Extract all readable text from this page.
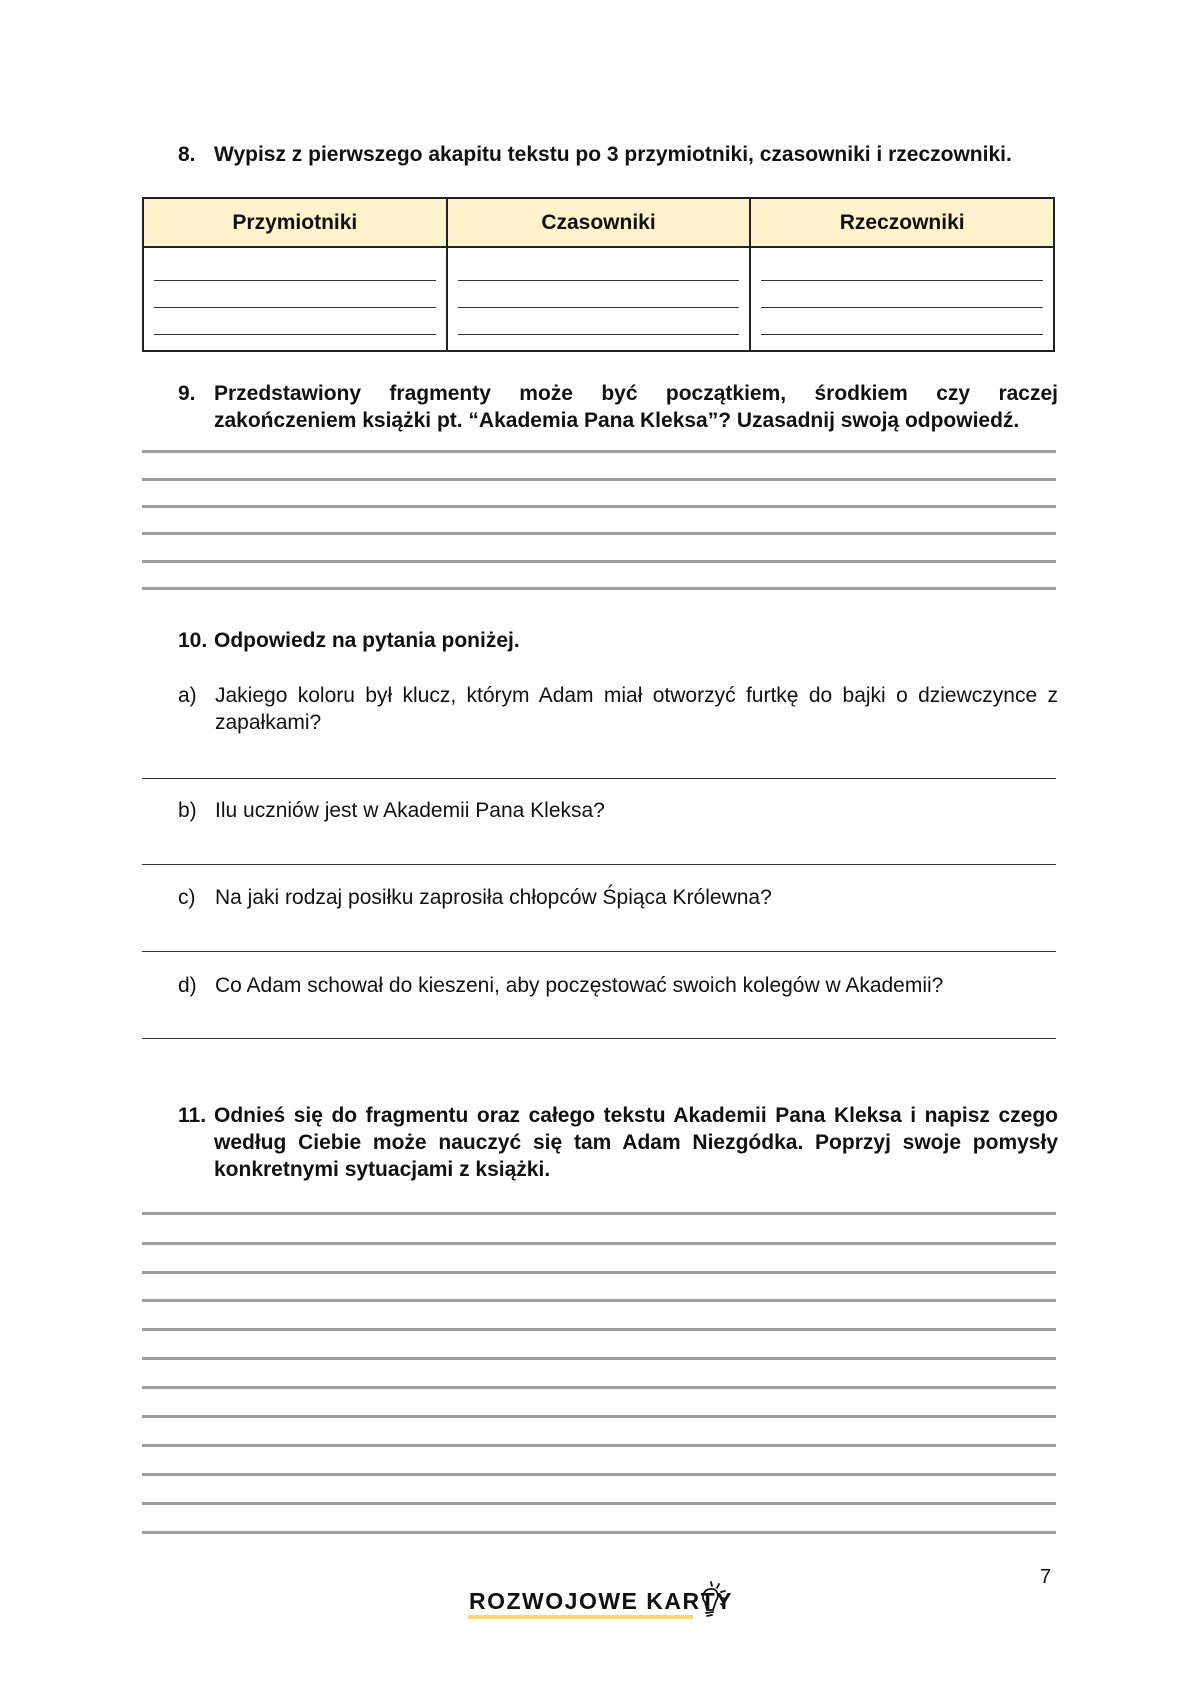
8. Wypisz z pierwszego akapitu tekstu po 3 przymiotniki, czasowniki i rzeczowniki.
Przymiotniki	Czasowniki	Rzeczowniki
9. Przedstawiony fragmenty może być początkiem, środkiem czy raczej
zakończeniem książki pt. “Akademia Pana Kleksa”? Uzasadnij swoją odpowiedź.
10. Odpowiedz na pytania poniżej.
a) Jakiego koloru był klucz, którym Adam miał otworzyć furtkę do bajki o dziewczynce z zapałkami?
b) Ilu uczniów jest w Akademii Pana Kleksa?
c) Na jaki rodzaj posiłku zaprosiła chłopców Śpiąca Królewna?
d) Co Adam schował do kieszeni, aby poczęstować swoich kolegów w Akademii?
11. Odnieś się do fragmentu oraz całego tekstu Akademii Pana Kleksa i napisz czego według Ciebie może nauczyć się tam Adam Niezgódka. Poprzyj swoje pomysły konkretnymi sytuacjami z książki.
ROZWOJOWE KARTY
7
